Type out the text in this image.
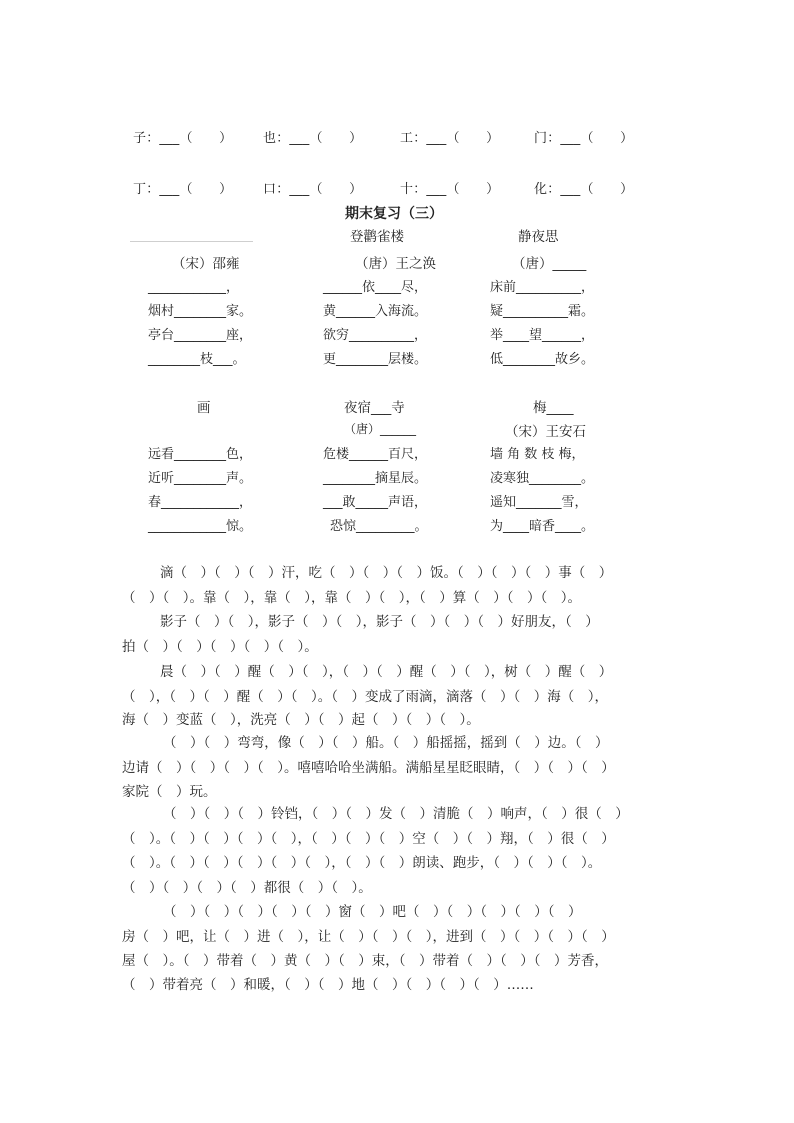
子：___（　　） 也：___（　　）	工：___（　　）	门：___（　　）
丁：___（　　） 口：___（　　）	十：___（　　）	化：___（　　）
期末复习（三）
（宋）邵雍
____________，
烟村________家。
亭台________座，
________枝___。
登鹳雀楼
（唐）王之涣
______依____尽，
黄______入海流。
欲穷__________，
更________层楼。
静夜思
（唐）_____
床前__________，
疑__________霜。
举____望______，
低________故乡。
画
远看________色，
近听________声。
春____________，
____________惊。
夜宿___寺
（唐）______
危楼______百尺，
________摘星辰。
___敢_____声语，
恐惊_________。
梅____
（宋）王安石
墙 角 数 枝 梅，
凌寒独________。
遥知_______雪，
为____暗香____。
滴（　）（　）（　）汗，吃（　）（　）（　）饭。（　）（　）（　）事（　）
（　）（　）。靠（　），靠（　），靠（　）（　），（　）算（　）（　）（　）。
影子（　）（　），影子（　）（　），影子（　）（　）（　）好朋友，（　）
拍（　）（　）（　）（　）（　）。
晨（　）（　）醒（　）（　），（　）（　）醒（　）（　），树（　）醒（　）
（　），（　）（　）醒（　）（　）。（　）变成了雨滴，滴落（　）（　）海（　），
海（　）变蓝（　），洗亮（　）（　）起（　）（　）（　）。
（　）（　）弯弯，像（　）（　）船。（　）船摇摇，摇到（　）边。（　）
边请（　）（　）（　）（　）。嘻嘻哈哈坐满船。满船星星眨眼睛，（　）（　）（　）
家院（　）玩。
（　）（　）（　）铃铛，（　）（　）发（　）清脆（　）响声，（　）很（　）
（　）。（　）（　）（　）（　），（　）（　）（　）空（　）（　）翔，（　）很（　）
（　）。（　）（　）（　）（　）（　），（　）（　）朗读、跑步，（　）（　）（　）。
（　）（　）（　）（　）都很（　）（　）。
（　）（　）（　）（　）（　）窗（　）吧（　）（　）（　）（　）（　）
房（　）吧，让（　）进（　），让（　）（　）（　），进到（　）（　）（　）（　）
屋（　）。（　）带着（　）黄（　）（　）束，（　）带着（　）（　）（　）芳香，
（　）带着亮（　）和暖，（　）（　）地（　）（　）（　）（　）……
